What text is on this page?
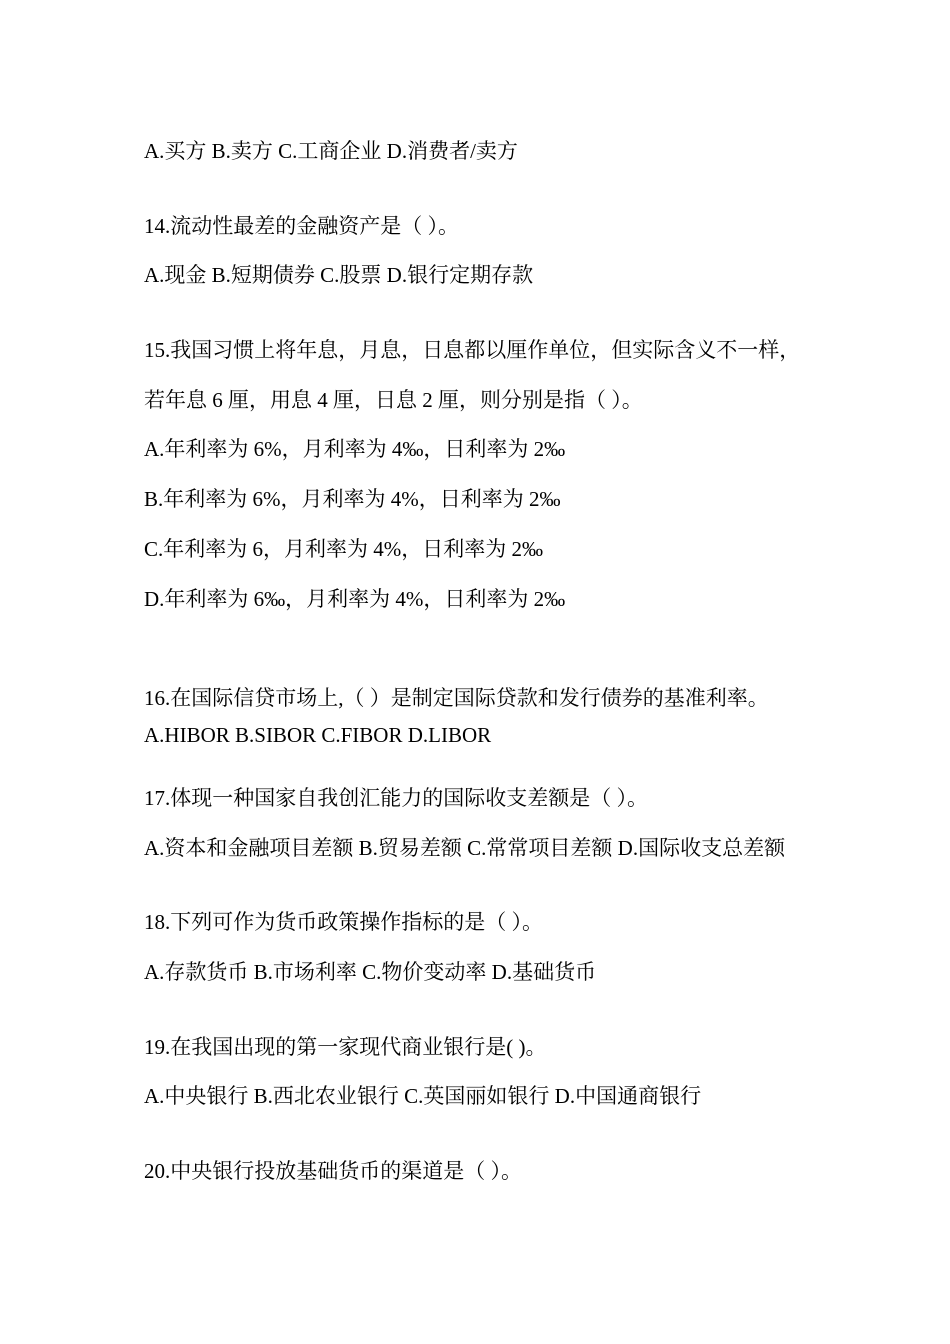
A.买方 B.卖方 C.工商企业 D.消费者/卖方
14.流动性最差的金融资产是（ ）。
A.现金 B.短期债券 C.股票 D.银行定期存款
15.我国习惯上将年息，月息，日息都以厘作单位，但实际含义不一样，
若年息 6 厘，用息 4 厘，日息 2 厘，则分别是指（ ）。
A.年利率为 6%，月利率为 4‰，日利率为 2‰
B.年利率为 6%，月利率为 4%，日利率为 2‰
C.年利率为 6，月利率为 4%，日利率为 2‰
D.年利率为 6‰，月利率为 4%，日利率为 2‰
16.在国际信贷市场上,（ ）是制定国际贷款和发行债券的基准利率。
A.HIBOR B.SIBOR C.FIBOR D.LIBOR
17.体现一种国家自我创汇能力的国际收支差额是（ ）。
A.资本和金融项目差额 B.贸易差额 C.常常项目差额 D.国际收支总差额
18.下列可作为货币政策操作指标的是（ ）。
A.存款货币 B.市场利率 C.物价变动率 D.基础货币
19.在我国出现的第一家现代商业银行是( )。
A.中央银行 B.西北农业银行 C.英国丽如银行 D.中国通商银行
20.中央银行投放基础货币的渠道是（ ）。
